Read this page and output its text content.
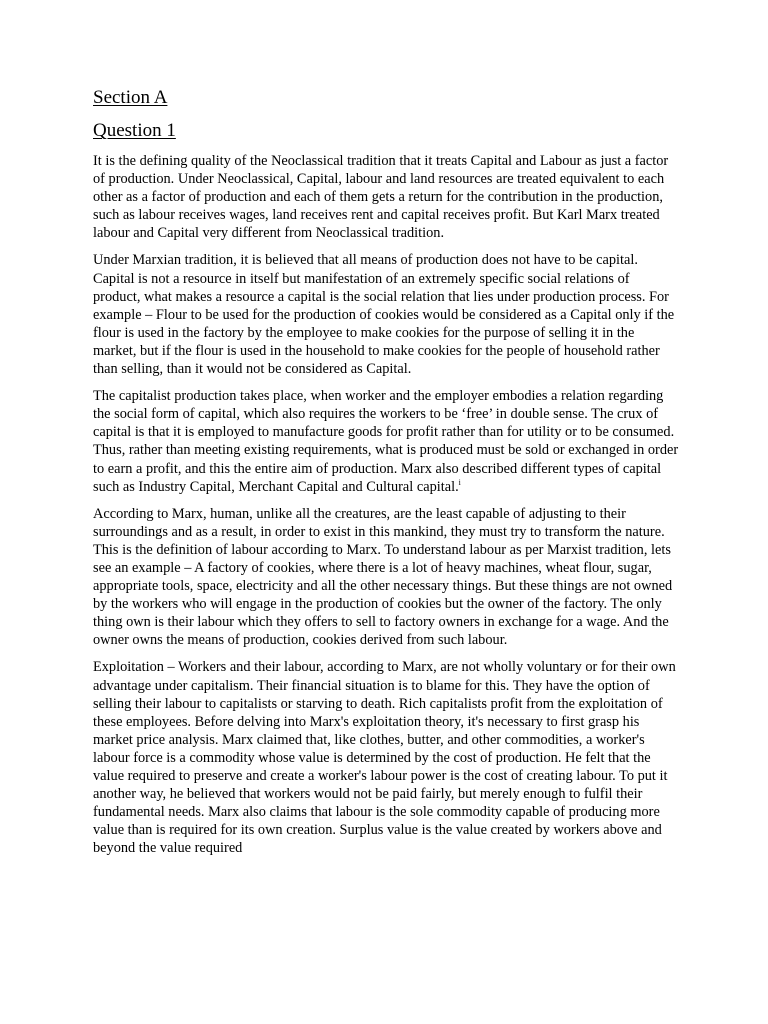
Section A

Question 1

It is the defining quality of the Neoclassical tradition that it treats Capital and Labour as just a factor of production. Under Neoclassical, Capital, labour and land resources are treated equivalent to each other as a factor of production and each of them gets a return for the contribution in the production, such as labour receives wages, land receives rent and capital receives profit. But Karl Marx treated labour and Capital very different from Neoclassical tradition.

Under Marxian tradition, it is believed that all means of production does not have to be capital. Capital is not a resource in itself but manifestation of an extremely specific social relations of product, what makes a resource a capital is the social relation that lies under production process. For example – Flour to be used for the production of cookies would be considered as a Capital only if the flour is used in the factory by the employee to make cookies for the purpose of selling it in the market, but if the flour is used in the household to make cookies for the people of household rather than selling, than it would not be considered as Capital.

The capitalist production takes place, when worker and the employer embodies a relation regarding the social form of capital, which also requires the workers to be ‘free’ in double sense. The crux of capital is that it is employed to manufacture goods for profit rather than for utility or to be consumed. Thus, rather than meeting existing requirements, what is produced must be sold or exchanged in order to earn a profit, and this the entire aim of production. Marx also described different types of capital such as Industry Capital, Merchant Capital and Cultural capital.$^i$

According to Marx, human, unlike all the creatures, are the least capable of adjusting to their surroundings and as a result, in order to exist in this mankind, they must try to transform the nature. This is the definition of labour according to Marx. To understand labour as per Marxist tradition, lets see an example – A factory of cookies, where there is a lot of heavy machines, wheat flour, sugar, appropriate tools, space, electricity and all the other necessary things. But these things are not owned by the workers who will engage in the production of cookies but the owner of the factory. The only thing own is their labour which they offers to sell to factory owners in exchange for a wage. And the owner owns the means of production, cookies derived from such labour.

Exploitation – Workers and their labour, according to Marx, are not wholly voluntary or for their own advantage under capitalism. Their financial situation is to blame for this. They have the option of selling their labour to capitalists or starving to death. Rich capitalists profit from the exploitation of these employees. Before delving into Marx's exploitation theory, it's necessary to first grasp his market price analysis. Marx claimed that, like clothes, butter, and other commodities, a worker's labour force is a commodity whose value is determined by the cost of production. He felt that the value required to preserve and create a worker's labour power is the cost of creating labour. To put it another way, he believed that workers would not be paid fairly, but merely enough to fulfil their fundamental needs. Marx also claims that labour is the sole commodity capable of producing more value than is required for its own creation. Surplus value is the value created by workers above and beyond the value required
